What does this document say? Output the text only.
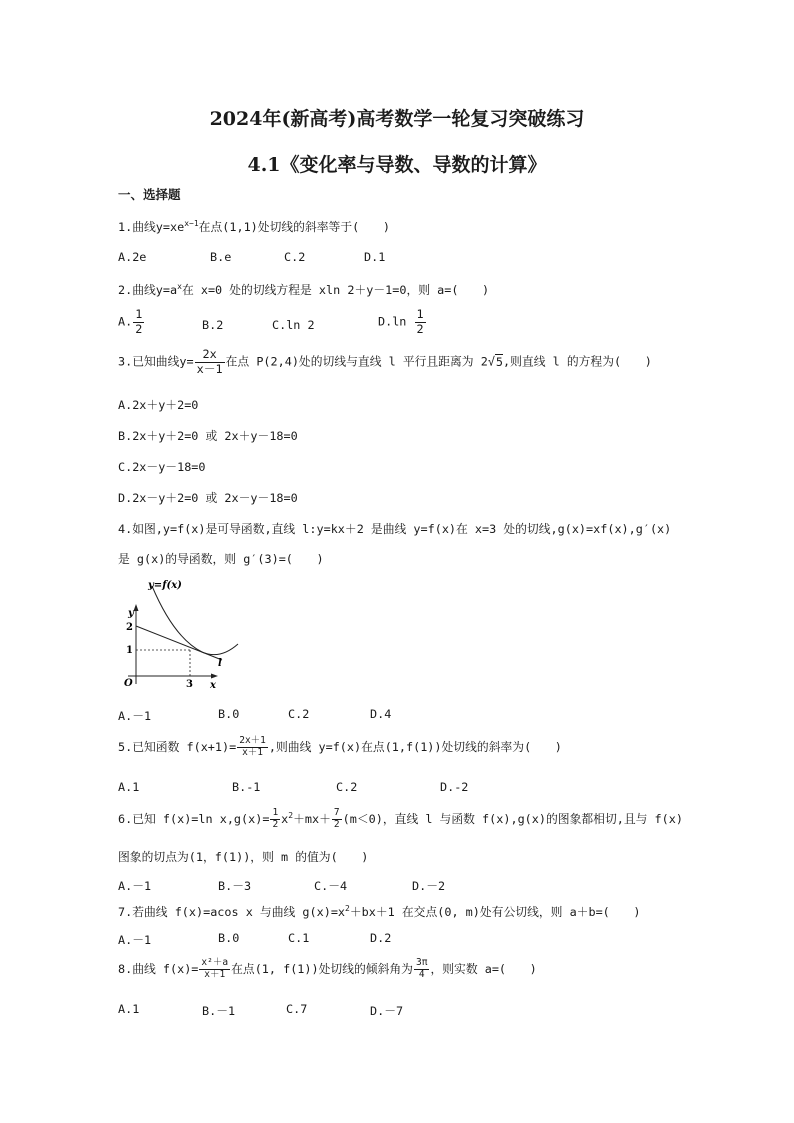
2024年(新高考)高考数学一轮复习突破练习
4.1《变化率与导数、导数的计算》
一、选择题
1.曲线$y=xe^{x-1}$在点(1,1)处切线的斜率等于(　　)
A.2e	B.e	C.2	D.1
2.曲线$y=a^x$在 x=0 处的切线方程是 xln 2＋y－1=0，则 a=(　　)
A. $\frac{1}{2}$	B.2	C.ln 2	$D.\ln \frac{1}{2}$
3.已知曲线$y= \frac{2x}{x-1}$ 在点 P(2,4)处的切线与直线 l 平行且距离为 2√5,则直线 l 的方程为(　　)
A.2x＋y＋2=0
B.2x＋y＋2=0 或 2x＋y－18=0
C.2x－y－18=0
D.2x－y＋2=0 或 2x－y－18=0
4.如图,y=f(x)是可导函数,直线 l:y=kx＋2 是曲线 y=f(x)在 x=3 处的切线,g(x)=xf(x),g′(x)
是 g(x)的导函数，则 g′(3)=(　　)
y=f(x)
y
x
O
2
1
3
l
A.－1	B.0	C.2	D.4
5.已知函数 $f(x+1)= \frac{2x+1}{x+1}$ ,则曲线 y=f(x)在点(1,f(1))处切线的斜率为(　　)
A.1	B.-1	C.2	D.-2
6.已知 f(x)=ln $x,g(x)= \frac{1}{2} x^2+mx+ \frac{7}{2} (m<0)$，直线 l 与函数 f(x),g(x)的图象都相切,且与 f(x)
图象的切点为(1，f(1))，则 m 的值为(　　)
A.－1	B.－3	C.－4	D.－2
7.若曲线 f(x)=acos x 与曲线 $g(x)=x^2+bx+1$ 在交点(0, m)处有公切线，则 a＋b=(　　)
A.－1	B.0	C.1	D.2
8.曲线 $f(x)= \frac{\text{x²＋a}}{x+1}$ 在点(1, f(1))处切线的倾斜角为 $\frac{3\pi}{4}$ ，则实数 a=(　　)
A.1	B.－1	C.7	D.－7
